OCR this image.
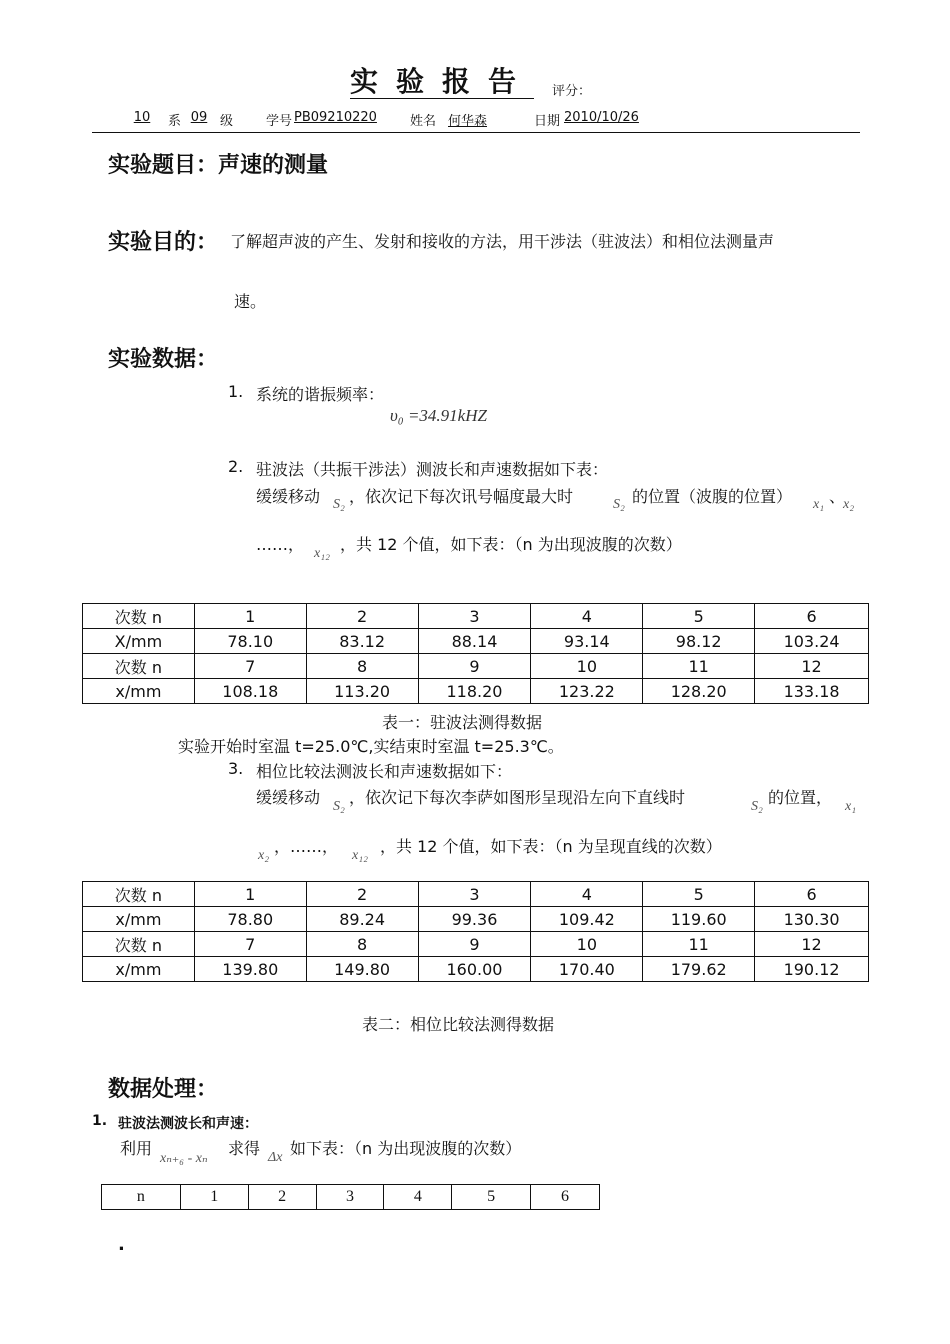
实验报告 评分：
10	系 09 级	学号 PB09210220	姓名 何华森	日期 2010/10/26
实验题目：声速的测量
实验目的： 了解超声波的产生、发射和接收的方法，用干涉法（驻波法）和相位法测量声
速。
实验数据：
1. 系统的谐振频率：
υ₀ =34.91kHZ
2. 驻波法（共振干涉法）测波长和声速数据如下表：
缓缓移动 S₂ ，依次记下每次讯号幅度最大时	S₂ 的位置（波腹的位置） x₁ 、
x₂
……， x₁₂ ，共 12 个值，如下表：（n 为出现波腹的次数）
次数 n	1	2	3	4	5	6
X/mm	78.10	83.12	88.14	93.14	98.12	103.24
次数 n	7	8	9	10	11	12
x/mm	108.18	113.20	118.20	123.22	128.20	133.18
表一：驻波法测得数据
实验开始时室温 t=25.0℃,实结束时室温 t=25.3℃。
3. 相位比较法测波长和声速数据如下：
缓缓移动 S₂ ，依次记下每次李萨如图形呈现沿左向下直线时	S₂ 的位置， x₁
x₂ ，……， x₁₂ ，共 12 个值，如下表：（n 为呈现直线的次数）
次数 n	1	2	3	4	5	6
x/mm	78.80	89.24	99.36	109.42	119.60	130.30
次数 n	7	8	9	10	11	12
x/mm	139.80	149.80	160.00	170.40	179.62	190.12
表二：相位比较法测得数据
数据处理：
1. 驻波法测波长和声速：
利用
xₙ₊₆ - xₙ
求得 Δx 如下表：（n 为出现波腹的次数）
n	1	2	3	4	5	6
.
